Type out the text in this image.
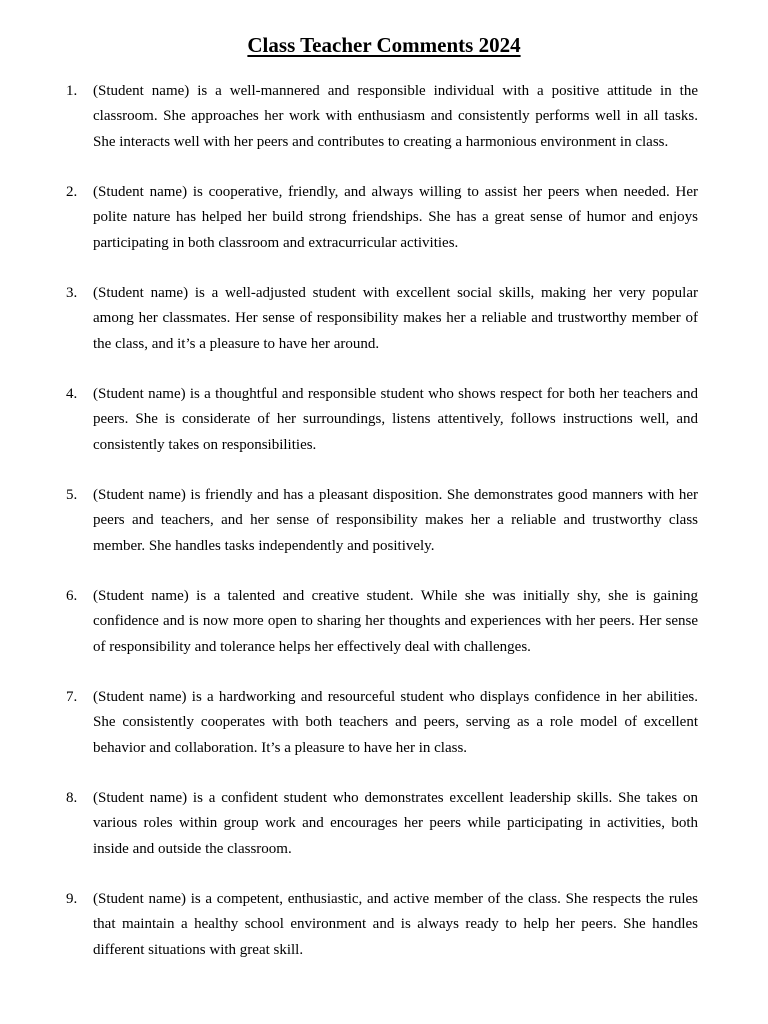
Class Teacher Comments 2024
1. (Student name) is a well-mannered and responsible individual with a positive attitude in the classroom. She approaches her work with enthusiasm and consistently performs well in all tasks. She interacts well with her peers and contributes to creating a harmonious environment in class.

2. (Student name) is cooperative, friendly, and always willing to assist her peers when needed. Her polite nature has helped her build strong friendships. She has a great sense of humor and enjoys participating in both classroom and extracurricular activities.

3. (Student name) is a well-adjusted student with excellent social skills, making her very popular among her classmates. Her sense of responsibility makes her a reliable and trustworthy member of the class, and it’s a pleasure to have her around.

4. (Student name) is a thoughtful and responsible student who shows respect for both her teachers and peers. She is considerate of her surroundings, listens attentively, follows instructions well, and consistently takes on responsibilities.

5. (Student name) is friendly and has a pleasant disposition. She demonstrates good manners with her peers and teachers, and her sense of responsibility makes her a reliable and trustworthy class member. She handles tasks independently and positively.

6. (Student name) is a talented and creative student. While she was initially shy, she is gaining confidence and is now more open to sharing her thoughts and experiences with her peers. Her sense of responsibility and tolerance helps her effectively deal with challenges.

7. (Student name) is a hardworking and resourceful student who displays confidence in her abilities. She consistently cooperates with both teachers and peers, serving as a role model of excellent behavior and collaboration. It’s a pleasure to have her in class.

8. (Student name) is a confident student who demonstrates excellent leadership skills. She takes on various roles within group work and encourages her peers while participating in activities, both inside and outside the classroom.

9. (Student name) is a competent, enthusiastic, and active member of the class. She respects the rules that maintain a healthy school environment and is always ready to help her peers. She handles different situations with great skill.
